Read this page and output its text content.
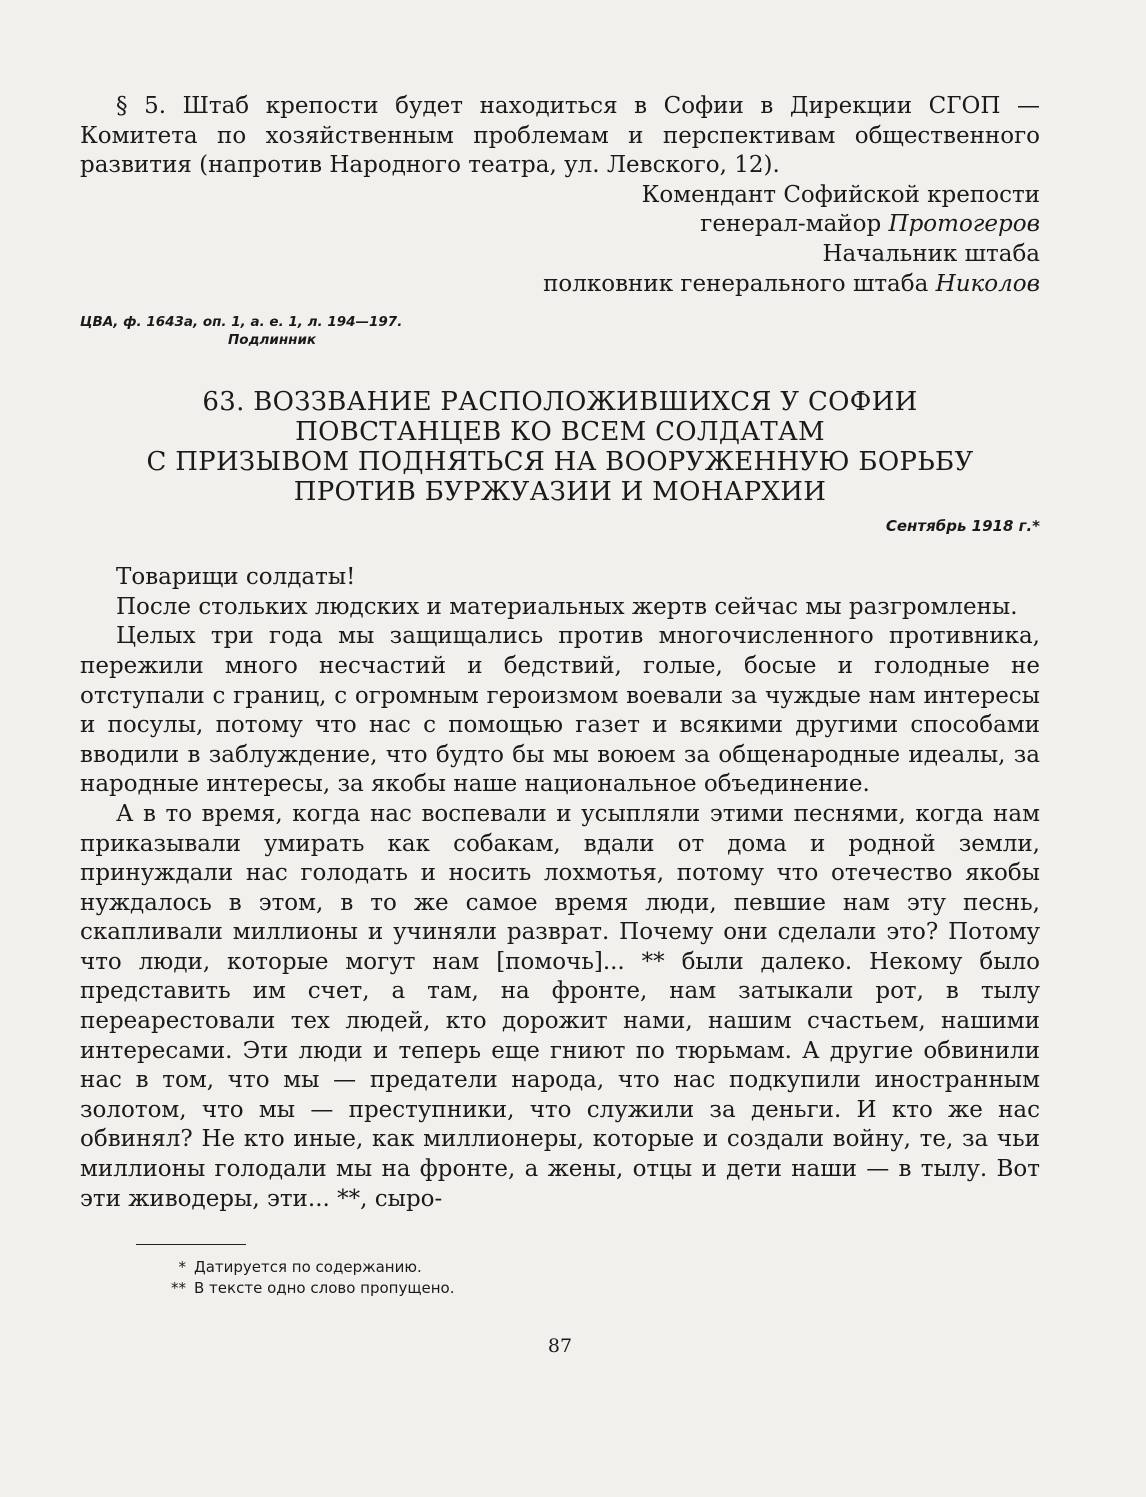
§ 5. Штаб крепости будет находиться в Софии в Дирекции СГОП — Комитета по хозяйственным проблемам и перспективам общественного развития (напротив Народного театра, ул. Левского, 12).

Комендант Софийской крепости
генерал-майор Протогеров
Начальник штаба
полковник генерального штаба Николов
ЦВА, ф. 1643а, оп. 1, а. е. 1, л. 194—197.
Подлинник
63. ВОЗЗВАНИЕ РАСПОЛОЖИВШИХСЯ У СОФИИ
ПОВСТАНЦЕВ КО ВСЕМ СОЛДАТАМ
С ПРИЗЫВОМ ПОДНЯТЬСЯ НА ВООРУЖЕННУЮ БОРЬБУ
ПРОТИВ БУРЖУАЗИИ И МОНАРХИИ
Сентябрь 1918 г.*

Товарищи солдаты!

После стольких людских и материальных жертв сейчас мы разгромлены.

Целых три года мы защищались против многочисленного противника, пережили много несчастий и бедствий, голые, босые и голодные не отступали с границ, с огромным героизмом воевали за чуждые нам интересы и посулы, потому что нас с помощью газет и всякими другими способами вводили в заблуждение, что будто бы мы воюем за общенародные идеалы, за народные интересы, за якобы наше национальное объединение.

А в то время, когда нас воспевали и усыпляли этими песнями, когда нам приказывали умирать как собакам, вдали от дома и родной земли, принуждали нас голодать и носить лохмотья, потому что отечество якобы нуждалось в этом, в то же самое время люди, певшие нам эту песнь, скапливали миллионы и учиняли разврат. Почему они сделали это? Потому что люди, которые могут нам [помочь]... ** были далеко. Некому было представить им счет, а там, на фронте, нам затыкали рот, в тылу переарестовали тех людей, кто дорожит нами, нашим счастьем, нашими интересами. Эти люди и теперь еще гниют по тюрьмам. А другие обвинили нас в том, что мы — предатели народа, что нас подкупили иностранным золотом, что мы — преступники, что служили за деньги. И кто же нас обвинял? Не кто иные, как миллионеры, которые и создали войну, те, за чьи миллионы голодали мы на фронте, а жены, отцы и дети наши — в тылу. Вот эти живодеры, эти... **, сыро-

* Датируется по содержанию.
** В тексте одно слово пропущено.
87
